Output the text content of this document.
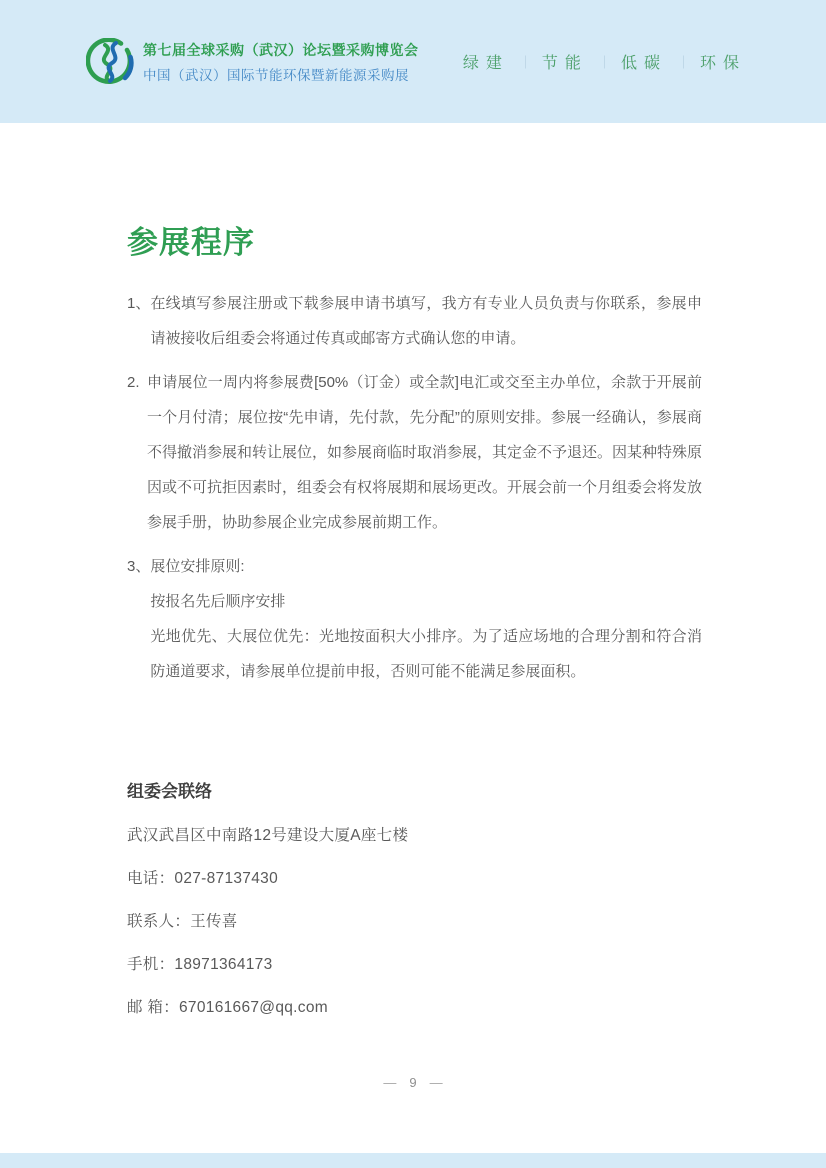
第七届全球采购（武汉）论坛暨采购博览会
中国（武汉）国际节能环保暨新能源采购展
绿建 ｜ 节能 ｜ 低碳 ｜ 环保
参展程序
1、 在线填写参展注册或下载参展申请书填写，我方有专业人员负责与你联系，参展申请被接收后组委会将通过传真或邮寄方式确认您的申请。
2. 申请展位一周内将参展费[50%（订金）或全款]电汇或交至主办单位，余款于开展前一个月付清；展位按“先申请，先付款，先分配”的原则安排。参展一经确认，参展商不得撤消参展和转让展位，如参展商临时取消参展，其定金不予退还。因某种特殊原因或不可抗拒因素时，组委会有权将展期和展场更改。开展会前一个月组委会将发放参展手册，协助参展企业完成参展前期工作。
3、 展位安排原则:
按报名先后顺序安排
光地优先、大展位优先：光地按面积大小排序。为了适应场地的合理分割和符合消防通道要求，请参展单位提前申报，否则可能不能满足参展面积。
组委会联络

武汉武昌区中南路12号建设大厦A座七楼

电话：027-87137430

联系人：王传喜

手机：18971364173

邮 箱：670161667@qq.com

— 9 —
